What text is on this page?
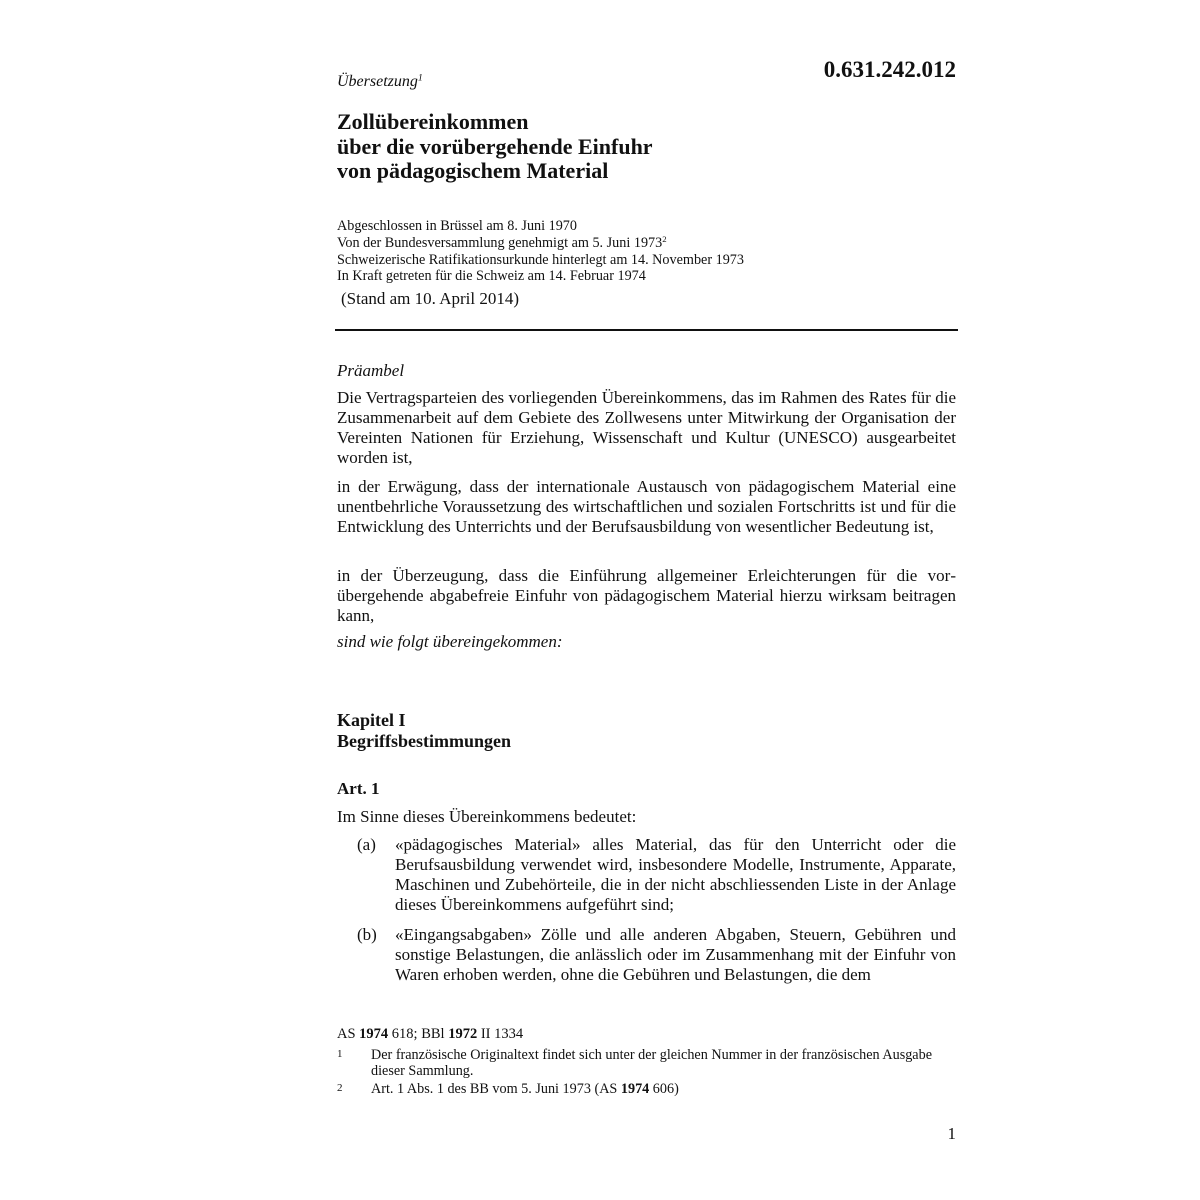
0.631.242.012
Übersetzung$^1$
Zollübereinkommen
über die vorübergehende Einfuhr
von pädagogischem Material
Abgeschlossen in Brüssel am 8. Juni 1970
Von der Bundesversammlung genehmigt am 5. Juni 1973$^2$
Schweizerische Ratifikationsurkunde hinterlegt am 14. November 1973
In Kraft getreten für die Schweiz am 14. Februar 1974
(Stand am 10. April 2014)
Präambel
Die Vertragsparteien des vorliegenden Übereinkommens, das im Rahmen des Rates für die Zusammenarbeit auf dem Gebiete des Zollwesens unter Mitwirkung der Organisation der Vereinten Nationen für Erziehung, Wissenschaft und Kultur (UNESCO) ausgearbeitet worden ist,
in der Erwägung, dass der internationale Austausch von pädagogischem Material eine unentbehrliche Voraussetzung des wirtschaftlichen und sozialen Fortschritts ist und für die Entwicklung des Unterrichts und der Berufsausbildung von wesentlicher Bedeutung ist,
in der Überzeugung, dass die Einführung allgemeiner Erleichterungen für die vorübergehende abgabefreie Einfuhr von pädagogischem Material hierzu wirksam beitragen kann,
sind wie folgt übereingekommen:
Kapitel I
Begriffsbestimmungen
Art. 1
Im Sinne dieses Übereinkommens bedeutet:
(a) «pädagogisches Material» alles Material, das für den Unterricht oder die Berufsausbildung verwendet wird, insbesondere Modelle, Instrumente, Apparate, Maschinen und Zubehörteile, die in der nicht abschliessenden Liste in der Anlage dieses Übereinkommens aufgeführt sind;
(b) «Eingangsabgaben» Zölle und alle anderen Abgaben, Steuern, Gebühren und sonstige Belastungen, die anlässlich oder im Zusammenhang mit der Einfuhr von Waren erhoben werden, ohne die Gebühren und Belastungen, die dem
AS 1974 618; BBl 1972 II 1334
1 Der französische Originaltext findet sich unter der gleichen Nummer in der französischen Ausgabe dieser Sammlung.
2 Art. 1 Abs. 1 des BB vom 5. Juni 1973 (AS 1974 606)
1
